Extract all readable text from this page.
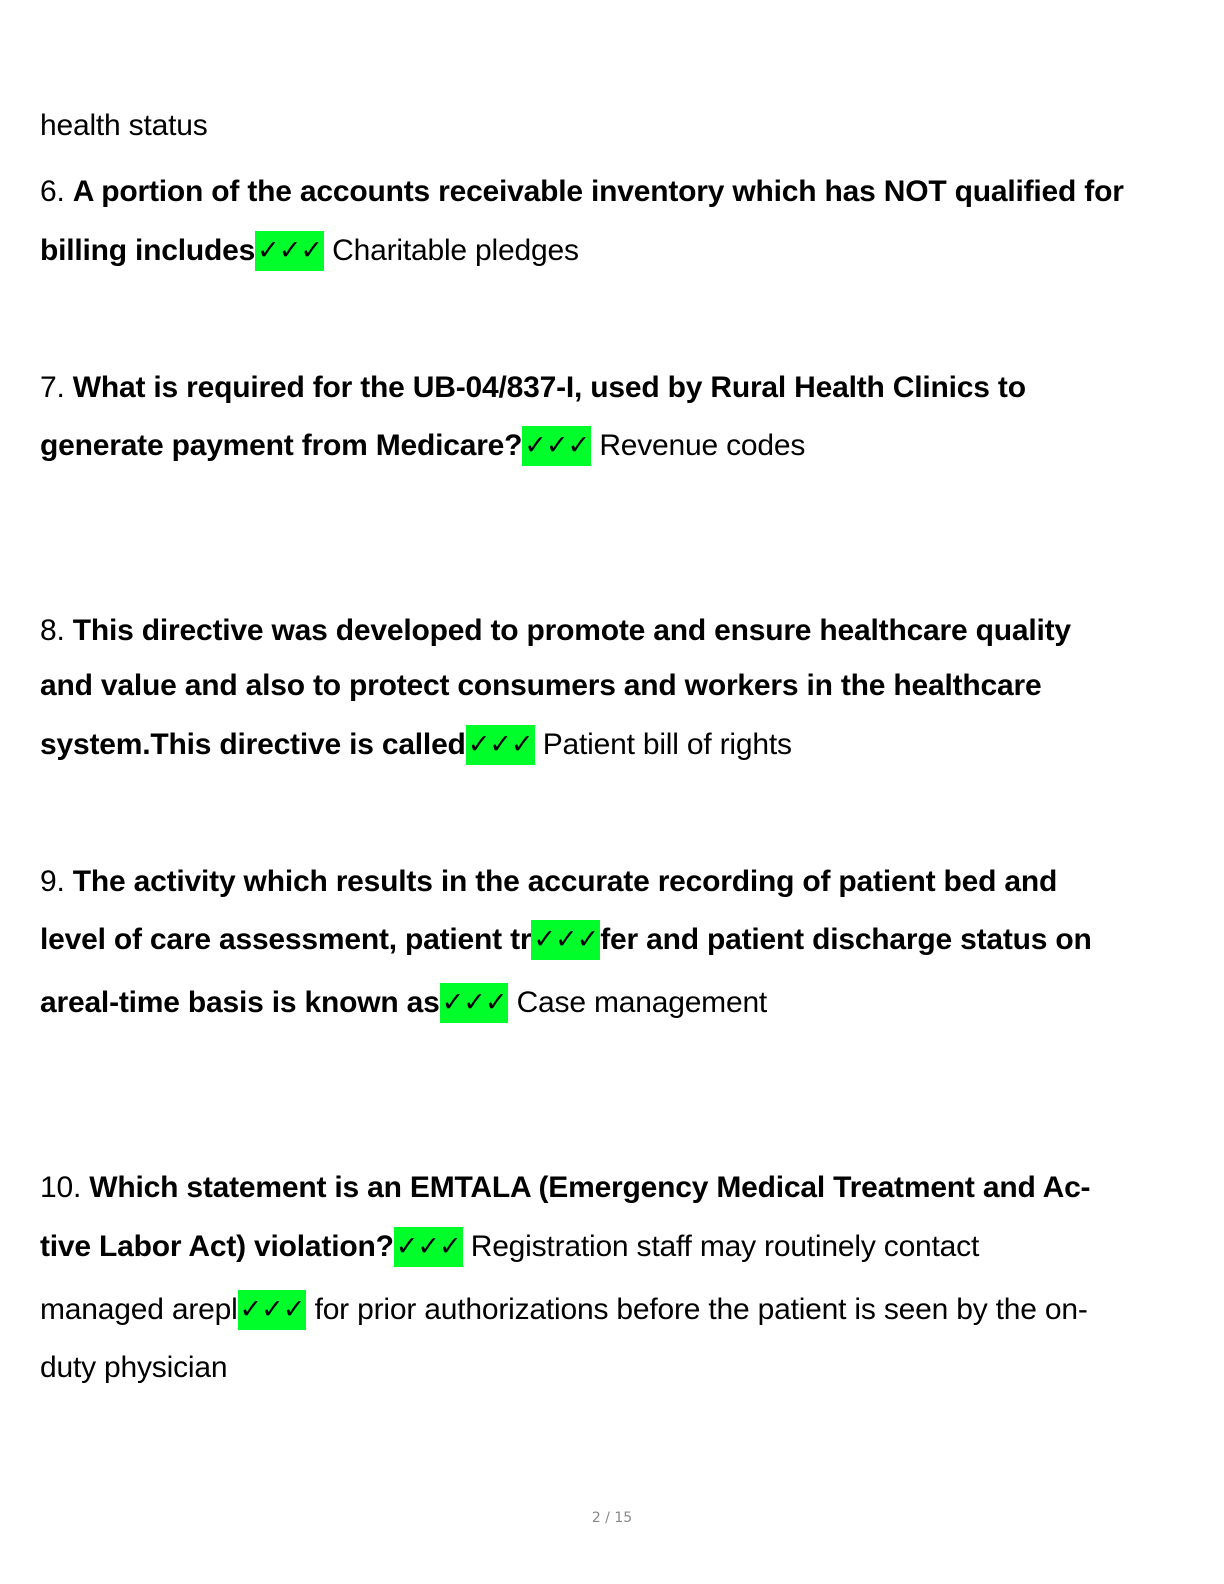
health status
6. A portion of the accounts receivable inventory which has NOT qualified for
billing includes✓✓✓ Charitable pledges
7. What is required for the UB-04/837-I, used by Rural Health Clinics to
generate payment from Medicare?✓✓✓ Revenue codes
8. This directive was developed to promote and ensure healthcare quality
and value and also to protect consumers and workers in the healthcare
system.This directive is called✓✓✓ Patient bill of rights
9. The activity which results in the accurate recording of patient bed and
level of care assessment, patient tr✓✓✓fer and patient discharge status on
areal-time basis is known as✓✓✓ Case management
10. Which statement is an EMTALA (Emergency Medical Treatment and Ac-
tive Labor Act) violation?✓✓✓ Registration staff may routinely contact
managed arepl✓✓✓ for prior authorizations before the patient is seen by the on-
duty physician
2 / 15
